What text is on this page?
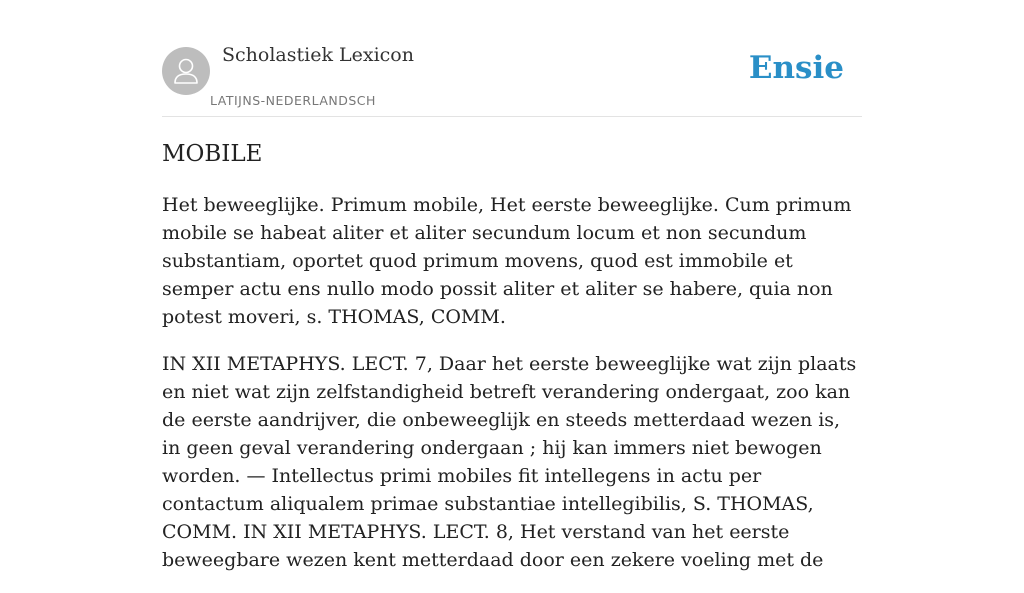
Scholastiek Lexicon
LATIJNS-NEDERLANDSCH
Ensie
MOBILE

Het beweeglijke. Primum mobile, Het eerste beweeglijke. Cum primum mobile se habeat aliter et aliter secundum locum et non secundum substantiam, oportet quod primum movens, quod est immobile et semper actu ens nullo modo possit aliter et aliter se habere, quia non potest moveri, s. THOMAS, COMM.

IN XII METAPHYS. LECT. 7, Daar het eerste beweeglijke wat zijn plaats en niet wat zijn zelfstandigheid betreft verandering ondergaat, zoo kan de eerste aandrijver, die onbeweeglijk en steeds metterdaad wezen is, in geen geval verandering ondergaan ; hij kan immers niet bewogen worden. — Intellectus primi mobiles fit intellegens in actu per contactum aliqualem primae substantiae intellegibilis, S. THOMAS, COMM. IN XII METAPHYS. LECT. 8, Het verstand van het eerste beweegbare wezen kent metterdaad door een zekere voeling met de
